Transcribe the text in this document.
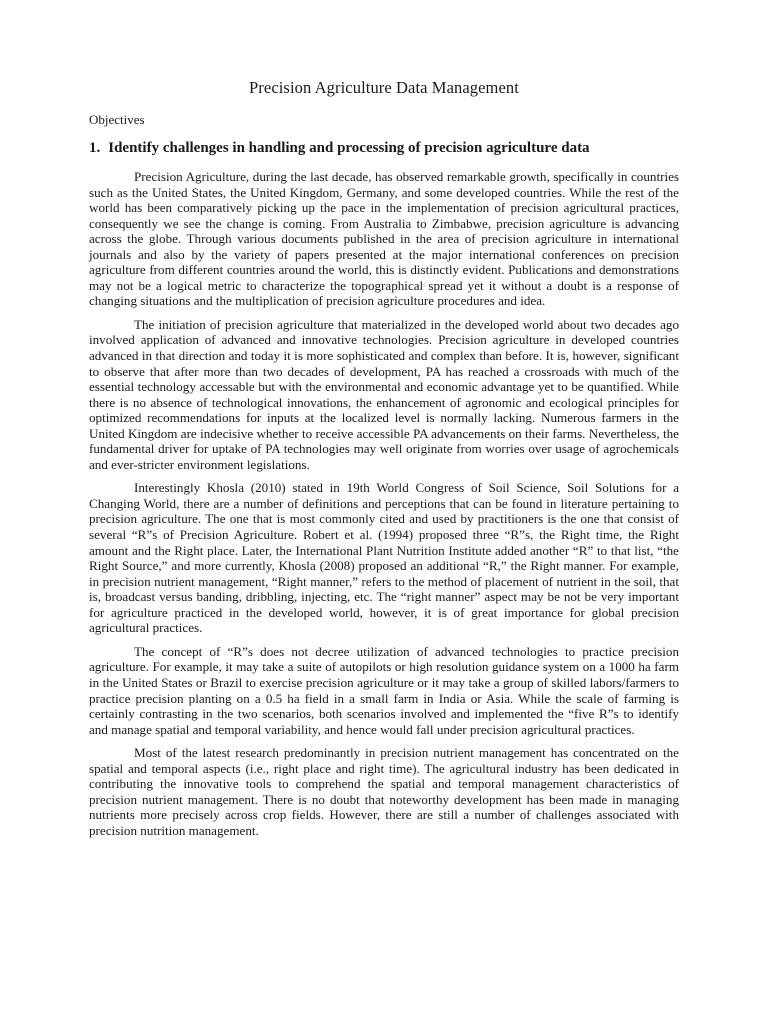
Precision Agriculture Data Management
Objectives
1. Identify challenges in handling and processing of precision agriculture data

Precision Agriculture, during the last decade, has observed remarkable growth, specifically in countries such as the United States, the United Kingdom, Germany, and some developed countries. While the rest of the world has been comparatively picking up the pace in the implementation of precision agricultural practices, consequently we see the change is coming. From Australia to Zimbabwe, precision agriculture is advancing across the globe. Through various documents published in the area of precision agriculture in international journals and also by the variety of papers presented at the major international conferences on precision agriculture from different countries around the world, this is distinctly evident. Publications and demonstrations may not be a logical metric to characterize the topographical spread yet it without a doubt is a response of changing situations and the multiplication of precision agriculture procedures and idea.

The initiation of precision agriculture that materialized in the developed world about two decades ago involved application of advanced and innovative technologies. Precision agriculture in developed countries advanced in that direction and today it is more sophisticated and complex than before. It is, however, significant to observe that after more than two decades of development, PA has reached a crossroads with much of the essential technology accessable but with the environmental and economic advantage yet to be quantified. While there is no absence of technological innovations, the enhancement of agronomic and ecological principles for optimized recommendations for inputs at the localized level is normally lacking. Numerous farmers in the United Kingdom are indecisive whether to receive accessible PA advancements on their farms. Nevertheless, the fundamental driver for uptake of PA technologies may well originate from worries over usage of agrochemicals and ever-stricter environment legislations.

Interestingly Khosla (2010) stated in 19th World Congress of Soil Science, Soil Solutions for a Changing World, there are a number of definitions and perceptions that can be found in literature pertaining to precision agriculture. The one that is most commonly cited and used by practitioners is the one that consist of several “R”s of Precision Agriculture. Robert et al. (1994) proposed three “R”s, the Right time, the Right amount and the Right place. Later, the International Plant Nutrition Institute added another “R” to that list, “the Right Source,” and more currently, Khosla (2008) proposed an additional “R,” the Right manner. For example, in precision nutrient management, “Right manner,” refers to the method of placement of nutrient in the soil, that is, broadcast versus banding, dribbling, injecting, etc. The “right manner” aspect may be not be very important for agriculture practiced in the developed world, however, it is of great importance for global precision agricultural practices.

The concept of “R”s does not decree utilization of advanced technologies to practice precision agriculture. For example, it may take a suite of autopilots or high resolution guidance system on a 1000 ha farm in the United States or Brazil to exercise precision agriculture or it may take a group of skilled labors/farmers to practice precision planting on a 0.5 ha field in a small farm in India or Asia. While the scale of farming is certainly contrasting in the two scenarios, both scenarios involved and implemented the “five R”s to identify and manage spatial and temporal variability, and hence would fall under precision agricultural practices.

Most of the latest research predominantly in precision nutrient management has concentrated on the spatial and temporal aspects (i.e., right place and right time). The agricultural industry has been dedicated in contributing the innovative tools to comprehend the spatial and temporal management characteristics of precision nutrient management. There is no doubt that noteworthy development has been made in managing nutrients more precisely across crop fields. However, there are still a number of challenges associated with precision nutrition management.
